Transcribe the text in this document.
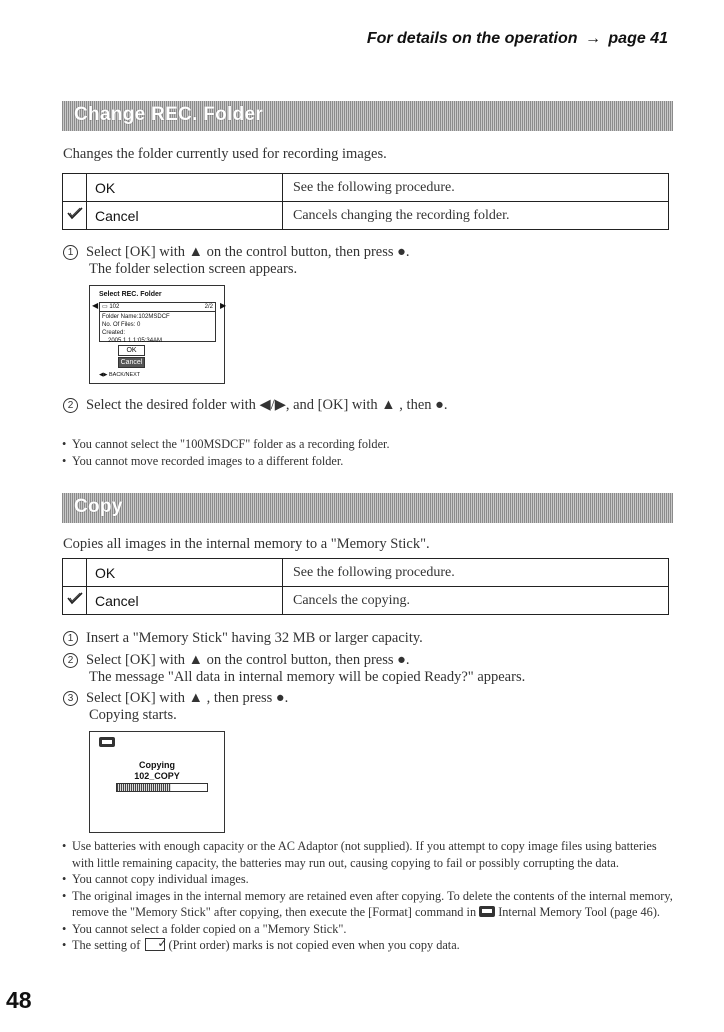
For details on the operation → page 41
Change REC. Folder
Changes the folder currently used for recording images.
	OK	See the following procedure.
	Cancel	Cancels changing the recording folder.
1 Select [OK] with ▲ on the control button, then press ●.
The folder selection screen appears.
Select REC. Folder
◀ ▭ 102	2/2
Folder Name:102MSDCF
No. Of Files: 0
Created:
2005 1 1 1:05:34AM
▶
OK
Cancel
◀▶ BACK/NEXT
2 Select the desired folder with ◀/▶, and [OK] with ▲ , then ●.
• You cannot select the "100MSDCF" folder as a recording folder.
• You cannot move recorded images to a different folder.
Copy
Copies all images in the internal memory to a "Memory Stick".
	OK	See the following procedure.
	Cancel	Cancels the copying.
1 Insert a "Memory Stick" having 32 MB or larger capacity.
2 Select [OK] with ▲ on the control button, then press ●.
The message "All data in internal memory will be copied Ready?" appears.
3 Select [OK] with ▲ , then press ●.
Copying starts.
Copying
102_COPY
• Use batteries with enough capacity or the AC Adaptor (not supplied). If you attempt to copy image files using batteries with little remaining capacity, the batteries may run out, causing copying to fail or possibly corrupting the data.
• You cannot copy individual images.
• The original images in the internal memory are retained even after copying. To delete the contents of the internal memory, remove the "Memory Stick" after copying, then execute the [Format] command in Internal Memory Tool (page 46).
• You cannot select a folder copied on a "Memory Stick".
• The setting of ✓ (Print order) marks is not copied even when you copy data.
48
